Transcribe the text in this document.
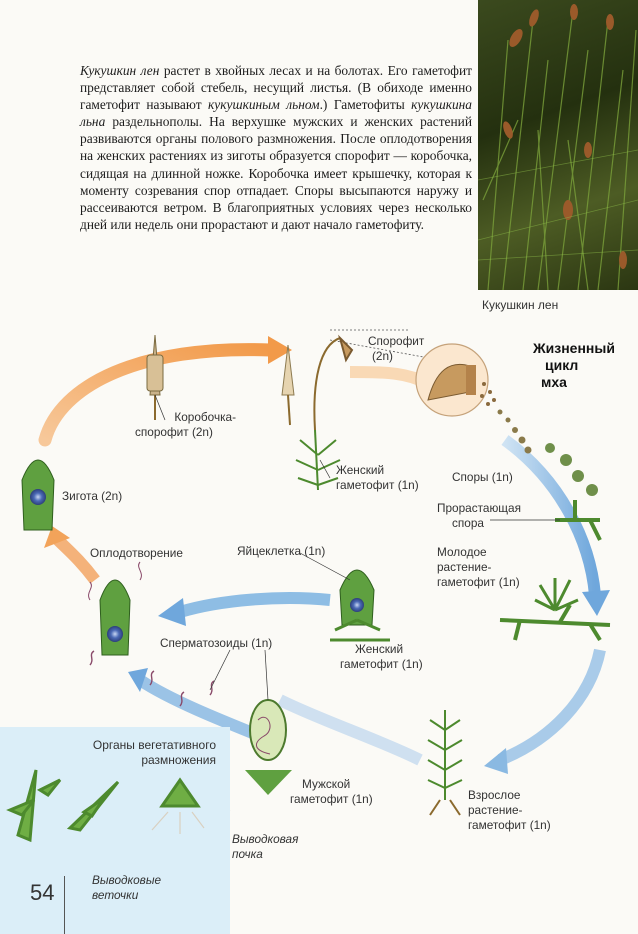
Кукушкин лен растет в хвойных лесах и на болотах. Его гаметофит представляет собой стебель, несущий листья. (В обиходе именно гаметофит называют кукушкиным льном.) Гаметофиты кукушкина льна раздельнополы. На верхушке мужских и женских растений развиваются органы полового размножения. После оплодотворения на женских растениях из зиготы образуется спорофит — коробочка, сидящая на длинной ножке. Коробочка имеет крышечку, которая к моменту созревания спор отпадает. Споры высыпаются наружу и рассеиваются ветром. В благоприятных условиях через несколько дней или недель они прорастают и дают начало гаметофиту.
Кукушкин лен
Жизненный
цикл
мха
Спорофит
(2n)
Коробочка-
спорофит (2n)
Зигота (2n)
Женский
гаметофит (1n)
Споры (1n)
Прорастающая
спора
Молодое
растение-
гаметофит (1n)
Оплодотворение	Яйцеклетка (1n)
Женский
гаметофит (1n)
Сперматозоиды (1n)
Мужской
гаметофит (1n)	Взрослое
растение-
гаметофит (1n)
Органы вегетативного
размножения
Выводковая
почка
Выводковые
веточки
54
